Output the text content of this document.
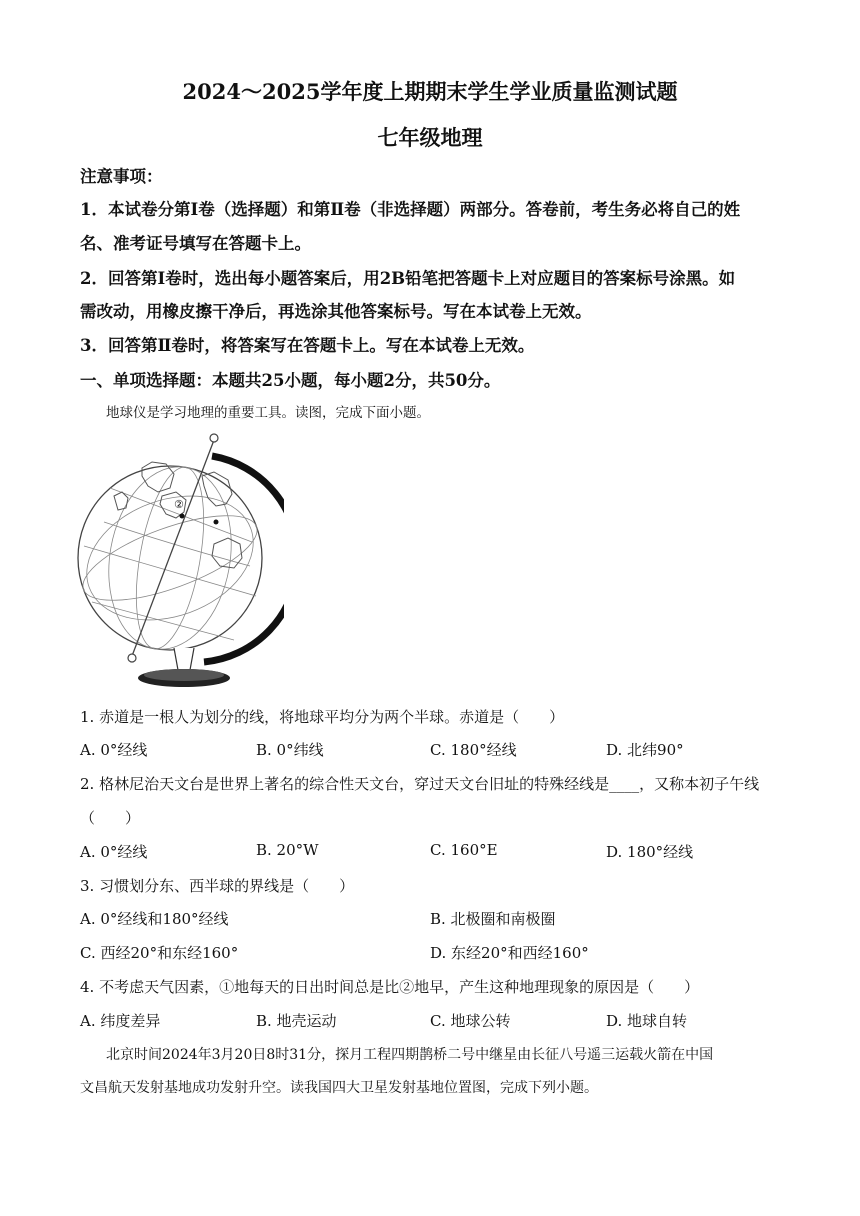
2024～2025学年度上期期末学生学业质量监测试题
七年级地理
注意事项：
1．本试卷分第Ⅰ卷（选择题）和第Ⅱ卷（非选择题）两部分。答卷前，考生务必将自己的姓
名、准考证号填写在答题卡上。
2．回答第Ⅰ卷时，选出每小题答案后，用2B铅笔把答题卡上对应题目的答案标号涂黑。如
需改动，用橡皮擦干净后，再选涂其他答案标号。写在本试卷上无效。
3．回答第Ⅱ卷时，将答案写在答题卡上。写在本试卷上无效。
一、单项选择题：本题共25小题，每小题2分，共50分。
地球仪是学习地理的重要工具。读图，完成下面小题。
②
1. 赤道是一根人为划分的线，将地球平均分为两个半球。赤道是（　　）
A. 0°经线	B. 0°纬线	C. 180°经线	D. 北纬90°
2. 格林尼治天文台是世界上著名的综合性天文台，穿过天文台旧址的特殊经线是____，又称本初子午线
（　　）
A. 0°经线	B. 20°W	C. 160°E	D. 180°经线
3. 习惯划分东、西半球的界线是（　　）
A. 0°经线和180°经线	B. 北极圈和南极圈
C. 西经20°和东经160°	D. 东经20°和西经160°
4. 不考虑天气因素，①地每天的日出时间总是比②地早，产生这种地理现象的原因是（　　）
A. 纬度差异	B. 地壳运动	C. 地球公转	D. 地球自转
北京时间2024年3月20日8时31分，探月工程四期鹊桥二号中继星由长征八号遥三运载火箭在中国
文昌航天发射基地成功发射升空。读我国四大卫星发射基地位置图，完成下列小题。
